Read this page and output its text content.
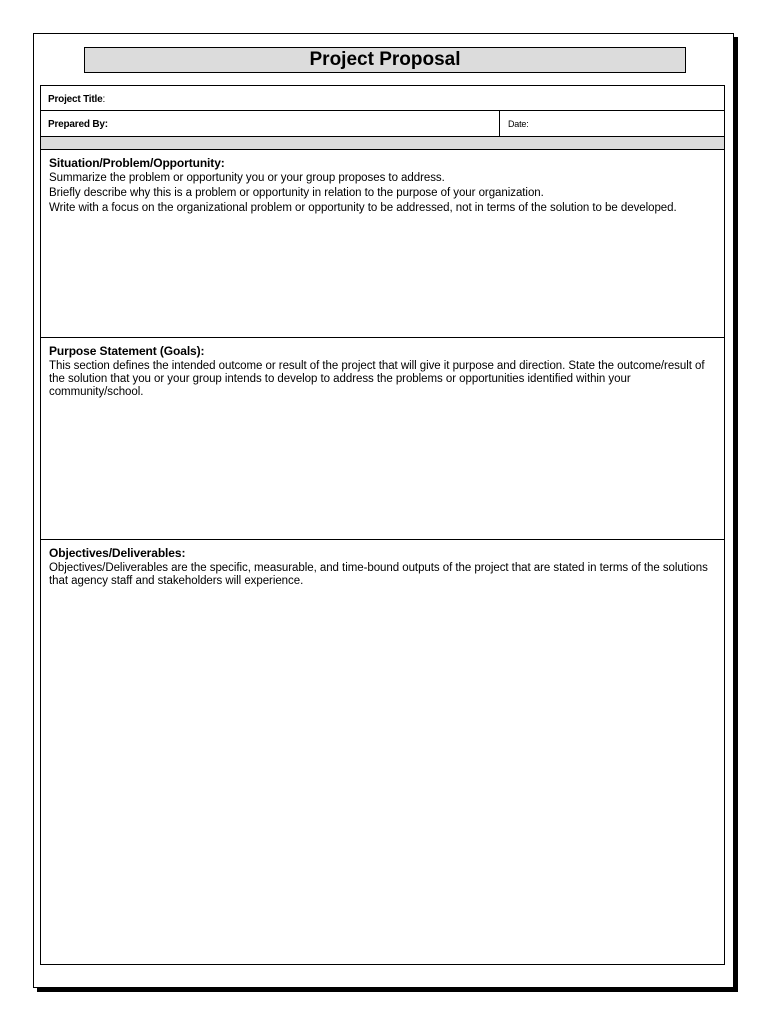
Project Proposal
Project Title:
Prepared By:	Date:
Situation/Problem/Opportunity:

Summarize the problem or opportunity you or your group proposes to address.

Briefly describe why this is a problem or opportunity in relation to the purpose of your organization.

Write with a focus on the organizational problem or opportunity to be addressed, not in terms of the solution to be developed.

Purpose Statement (Goals):

This section defines the intended outcome or result of the project that will give it purpose and direction. State the outcome/result of the solution that you or your group intends to develop to address the problems or opportunities identified within your community/school.

Objectives/Deliverables:

Objectives/Deliverables are the specific, measurable, and time-bound outputs of the project that are stated in terms of the solutions that agency staff and stakeholders will experience.
